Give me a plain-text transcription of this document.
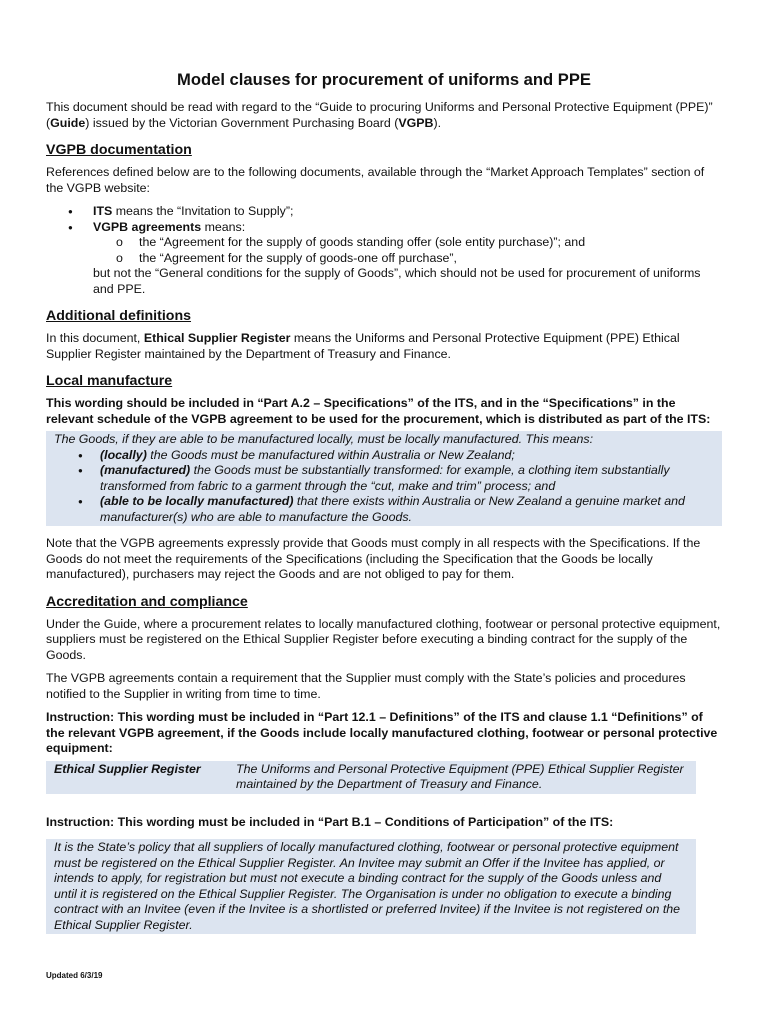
Model clauses for procurement of uniforms and PPE

This document should be read with regard to the “Guide to procuring Uniforms and Personal Protective Equipment (PPE)” (Guide) issued by the Victorian Government Purchasing Board (VGPB).

VGPB documentation

References defined below are to the following documents, available through the “Market Approach Templates” section of the VGPB website:

● ITS means the “Invitation to Supply”;
● VGPB agreements means:
o the “Agreement for the supply of goods standing offer (sole entity purchase)”; and
o the “Agreement for the supply of goods-one off purchase”,

but not the “General conditions for the supply of Goods”, which should not be used for procurement of uniforms and PPE.

Additional definitions

In this document, Ethical Supplier Register means the Uniforms and Personal Protective Equipment (PPE) Ethical Supplier Register maintained by the Department of Treasury and Finance.

Local manufacture

This wording should be included in “Part A.2 – Specifications” of the ITS, and in the “Specifications” in the relevant schedule of the VGPB agreement to be used for the procurement, which is distributed as part of the ITS:

The Goods, if they are able to be manufactured locally, must be locally manufactured. This means:
● (locally) the Goods must be manufactured within Australia or New Zealand;
● (manufactured) the Goods must be substantially transformed: for example, a clothing item substantially transformed from fabric to a garment through the “cut, make and trim” process; and
● (able to be locally manufactured) that there exists within Australia or New Zealand a genuine market and manufacturer(s) who are able to manufacture the Goods.

Note that the VGPB agreements expressly provide that Goods must comply in all respects with the Specifications. If the Goods do not meet the requirements of the Specifications (including the Specification that the Goods be locally manufactured), purchasers may reject the Goods and are not obliged to pay for them.

Accreditation and compliance

Under the Guide, where a procurement relates to locally manufactured clothing, footwear or personal protective equipment, suppliers must be registered on the Ethical Supplier Register before executing a binding contract for the supply of the Goods.

The VGPB agreements contain a requirement that the Supplier must comply with the State’s policies and procedures notified to the Supplier in writing from time to time.

Instruction: This wording must be included in “Part 12.1 – Definitions” of the ITS and clause 1.1 “Definitions” of the relevant VGPB agreement, if the Goods include locally manufactured clothing, footwear or personal protective equipment:

Ethical Supplier Register	The Uniforms and Personal Protective Equipment (PPE) Ethical Supplier Register maintained by the Department of Treasury and Finance.

Instruction: This wording must be included in “Part B.1 – Conditions of Participation” of the ITS:

It is the State’s policy that all suppliers of locally manufactured clothing, footwear or personal protective equipment must be registered on the Ethical Supplier Register. An Invitee may submit an Offer if the Invitee has applied, or intends to apply, for registration but must not execute a binding contract for the supply of the Goods unless and until it is registered on the Ethical Supplier Register. The Organisation is under no obligation to execute a binding contract with an Invitee (even if the Invitee is a shortlisted or preferred Invitee) if the Invitee is not registered on the Ethical Supplier Register.
Updated 6/3/19
